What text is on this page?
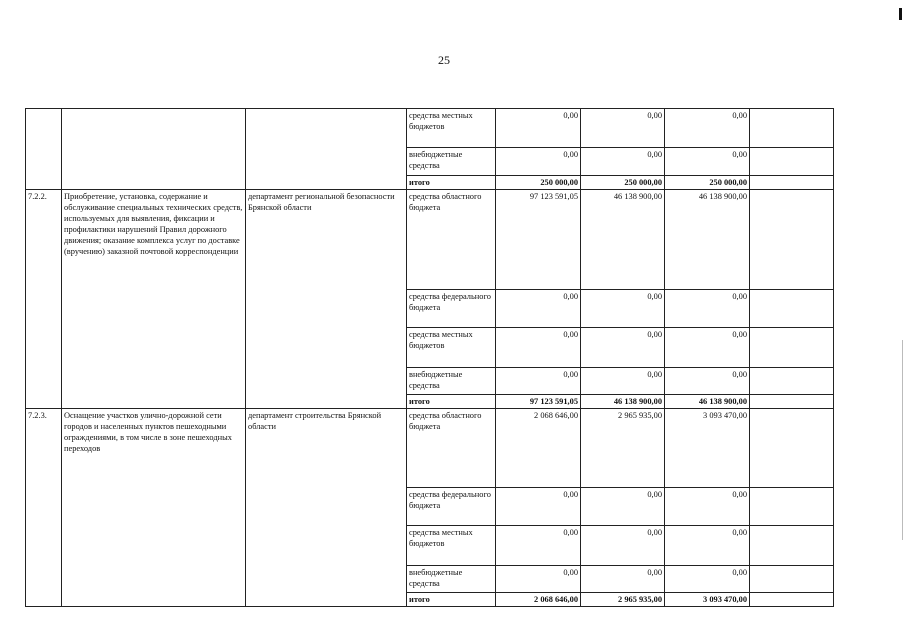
25
			средства местных бюджетов	0,00	0,00	0,00	
			внебюджетные средства	0,00	0,00	0,00	
			итого	250 000,00	250 000,00	250 000,00	
7.2.2.	Приобретение, установка, содержание и обслуживание специальных технических средств, используемых для выявления, фиксации и профилактики нарушений Правил дорожного движения; оказание комплекса услуг по доставке (вручению) заказной почтовой корреспонденции	департамент региональной безопасности Брянской области	средства областного бюджета	97 123 591,05	46 138 900,00	46 138 900,00	
			средства федерального бюджета	0,00	0,00	0,00	
			средства местных бюджетов	0,00	0,00	0,00	
			внебюджетные средства	0,00	0,00	0,00	
			итого	97 123 591,05	46 138 900,00	46 138 900,00	
7.2.3.	Оснащение участков улично-дорожной сети городов и населенных пунктов пешеходными ограждениями, в том числе в зоне пешеходных переходов	департамент строительства Брянской области	средства областного бюджета	2 068 646,00	2 965 935,00	3 093 470,00	
			средства федерального бюджета	0,00	0,00	0,00	
			средства местных бюджетов	0,00	0,00	0,00	
			внебюджетные средства	0,00	0,00	0,00	
			итого	2 068 646,00	2 965 935,00	3 093 470,00	
